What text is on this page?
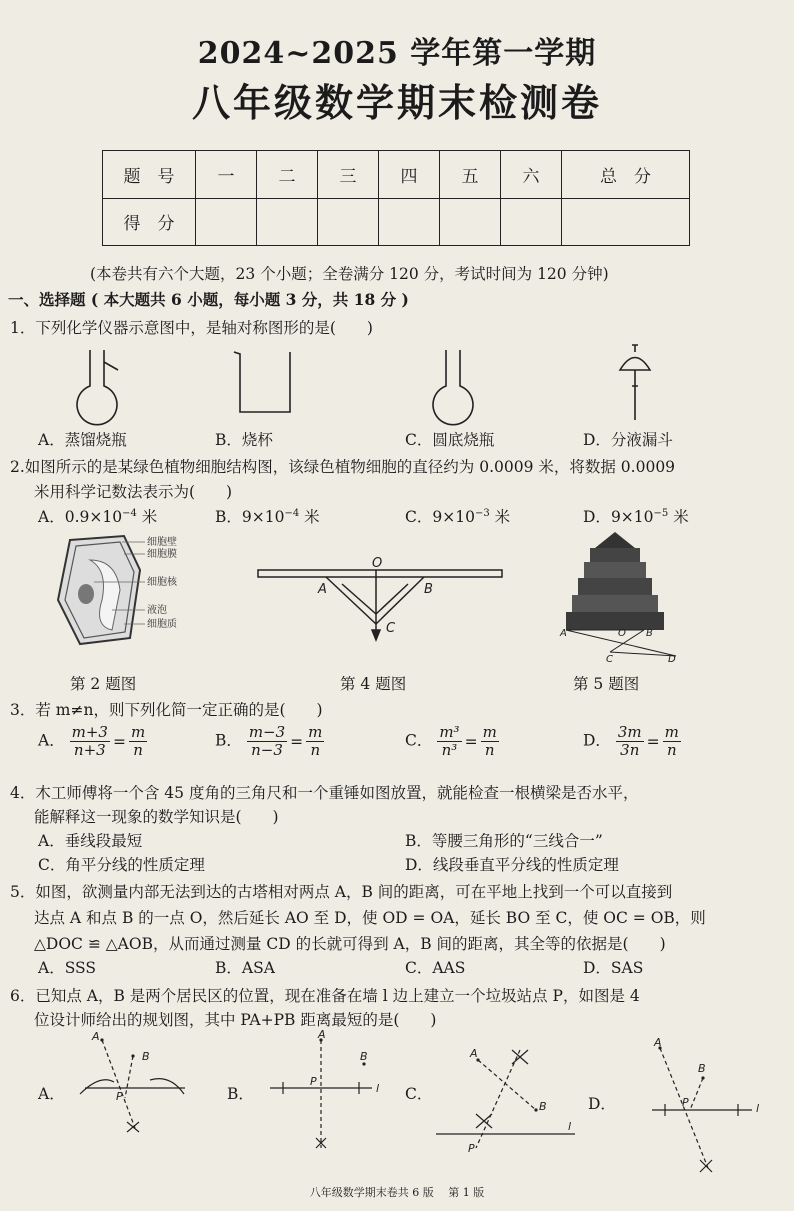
2024~2025 学年第一学期
八年级数学期末检测卷
题　号	一	二	三	四	五	六	总　分
得　分							
(本卷共有六个大题，23 个小题；全卷满分 120 分，考试时间为 120 分钟)
一、选择题 ( 本大题共 6 小题，每小题 3 分，共 18 分 )
1．下列化学仪器示意图中，是轴对称图形的是(　　)
A．蒸馏烧瓶	B．烧杯	C．圆底烧瓶	D．分液漏斗
2.如图所示的是某绿色植物细胞结构图，该绿色植物细胞的直径约为 0.0009 米，将数据 0.0009
米用科学记数法表示为(　　)
A．$0.9\times 10^{-4}$ 米	B．$9\times 10^{-4}$ 米	C．$9\times 10^{-3}$ 米	D．$9\times 10^{-5}$ 米
细胞壁
细胞膜
细胞核
液泡
细胞质
O
A	B
C	A	O B
C	D
第 2 题图	第 4 题图	第 5 题图
3．若 m≠n，则下列化简一定正确的是(　　)
A． $\frac{m+3}{n+3} = \frac{m}{n}$	B． $\frac{m-3}{n-3} = \frac{m}{n}$	C． $\frac{\text{m³}}{\text{n³}} = \frac{m}{n}$	D． $\frac{3m}{3n} = \frac{m}{n}$
4．木工师傅将一个含 45 度角的三角尺和一个重锤如图放置，就能检查一根横梁是否水平，
能解释这一现象的数学知识是(　　)
A．垂线段最短	B．等腰三角形的“三线合一”
C．角平分线的性质定理	D．线段垂直平分线的性质定理
5．如图，欲测量内部无法到达的古塔相对两点 A，B 间的距离，可在平地上找到一个可以直接到
达点 A 和点 B 的一点 O，然后延长 AO 至 D，使 OD = OA，延长 BO 至 C，使 OC = OB，则
△DOC ≌ △AOB，从而通过测量 CD 的长就可得到 A，B 间的距离，其全等的依据是(　　)
A．SSS	B．ASA	C．AAS	D．SAS
6．已知点 A，B 是两个居民区的位置，现在准备在墙 l 边上建立一个垃圾站点 P，如图是 4
位设计师给出的规划图，其中 PA+PB 距离最短的是(　　)
A．	B．	C．
D．
A
B
P
A
B
P
l
A
B
P
l
A
B
P	l
八年级数学期末卷共 6 版　 第 1 版
